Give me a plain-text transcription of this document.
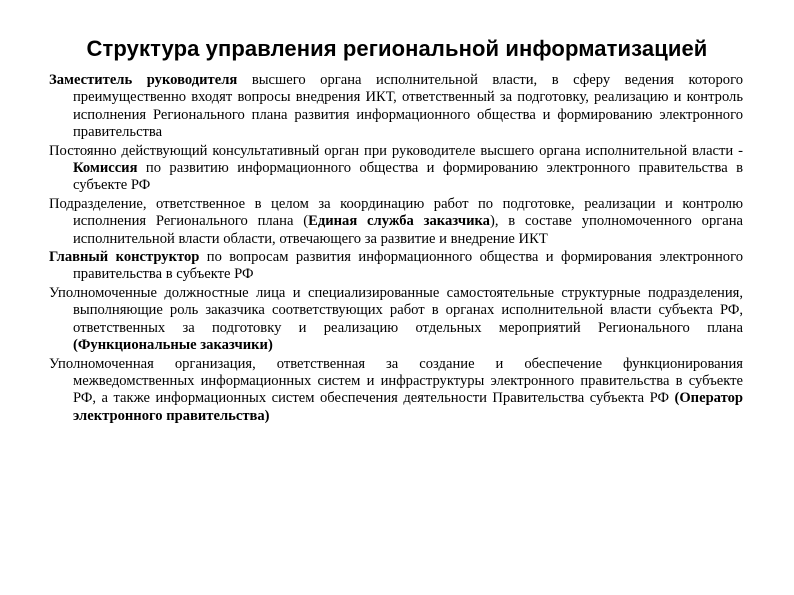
Структура управления региональной информатизацией

Заместитель руководителя высшего органа исполнительной власти, в сферу ведения которого преимущественно входят вопросы внедрения ИКТ, ответственный за подготовку, реализацию и контроль исполнения Регионального плана развития информационного общества и формированию электронного правительства

Постоянно действующий консультативный орган при руководителе высшего органа исполнительной власти - Комиссия по развитию информационного общества и формированию электронного правительства в субъекте РФ

Подразделение, ответственное в целом за координацию работ по подготовке, реализации и контролю исполнения Регионального плана (Единая служба заказчика), в составе уполномоченного органа исполнительной власти области, отвечающего за развитие и внедрение ИКТ

Главный конструктор по вопросам развития информационного общества и формирования электронного правительства в субъекте РФ

Уполномоченные должностные лица и специализированные самостоятельные структурные подразделения, выполняющие роль заказчика соответствующих работ в органах исполнительной власти субъекта РФ, ответственных за подготовку и реализацию отдельных мероприятий Регионального плана (Функциональные заказчики)

Уполномоченная организация, ответственная за создание и обеспечение функционирования межведомственных информационных систем и инфраструктуры электронного правительства в субъекте РФ, а также информационных систем обеспечения деятельности Правительства субъекта РФ (Оператор электронного правительства)
